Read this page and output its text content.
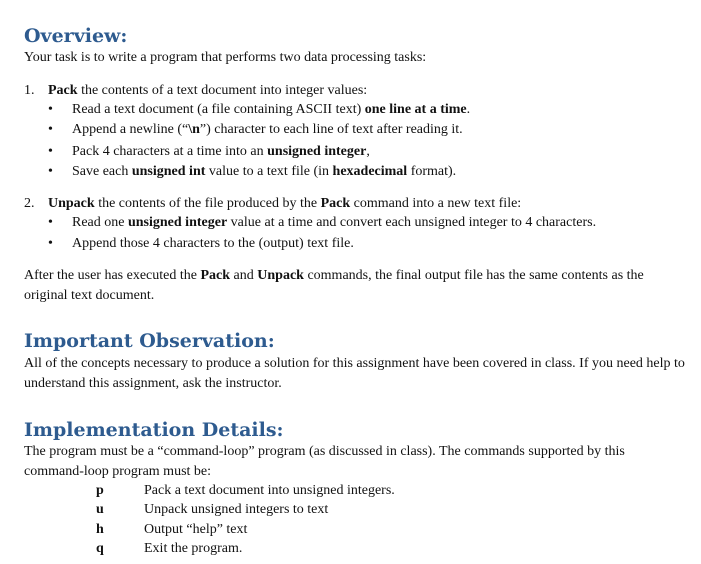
Overview:

Your task is to write a program that performs two data processing tasks:

1. Pack the contents of a text document into integer values:
• Read a text document (a file containing ASCII text) one line at a time.
• Append a newline (“\n”) character to each line of text after reading it.
• Pack 4 characters at a time into an unsigned integer,
• Save each unsigned int value to a text file (in hexadecimal format).
2. Unpack the contents of the file produced by the Pack command into a new text file:
• Read one unsigned integer value at a time and convert each unsigned integer to 4 characters.
• Append those 4 characters to the (output) text file.

After the user has executed the Pack and Unpack commands, the final output file has the same contents as the original text document.

Important Observation:

All of the concepts necessary to produce a solution for this assignment have been covered in class. If you need help to understand this assignment, ask the instructor.

Implementation Details:

The program must be a “command-loop” program (as discussed in class). The commands supported by this command-loop program must be:

p	Pack a text document into unsigned integers.
u	Unpack unsigned integers to text
h	Output “help” text
q	Exit the program.
